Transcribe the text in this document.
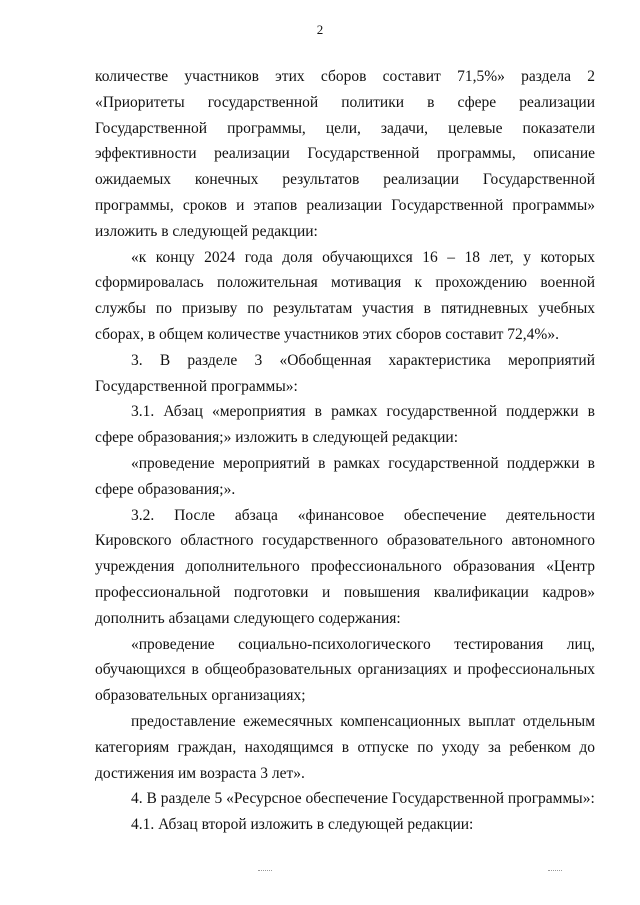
2

количестве участников этих сборов составит 71,5%» раздела 2 «Приоритеты государственной политики в сфере реализации Государственной программы, цели, задачи, целевые показатели эффективности реализации Государственной программы, описание ожидаемых конечных результатов реализации Государственной программы, сроков и этапов реализации Государственной программы» изложить в следующей редакции:

«к концу 2024 года доля обучающихся 16 – 18 лет, у которых сформировалась положительная мотивация к прохождению военной службы по призыву по результатам участия в пятидневных учебных сборах, в общем количестве участников этих сборов составит 72,4%».

3. В разделе 3 «Обобщенная характеристика мероприятий Государственной программы»:

3.1. Абзац «мероприятия в рамках государственной поддержки в сфере образования;» изложить в следующей редакции:

«проведение мероприятий в рамках государственной поддержки в сфере образования;».

3.2. После абзаца «финансовое обеспечение деятельности Кировского областного государственного образовательного автономного учреждения дополнительного профессионального образования «Центр профессиональной подготовки и повышения квалификации кадров» дополнить абзацами следующего содержания:

«проведение социально-психологического тестирования лиц, обучающихся в общеобразовательных организациях и профессиональных образовательных организациях;

предоставление ежемесячных компенсационных выплат отдельным категориям граждан, находящимся в отпуске по уходу за ребенком до достижения им возраста 3 лет».

4. В разделе 5 «Ресурсное обеспечение Государственной программы»:

4.1. Абзац второй изложить в следующей редакции:
